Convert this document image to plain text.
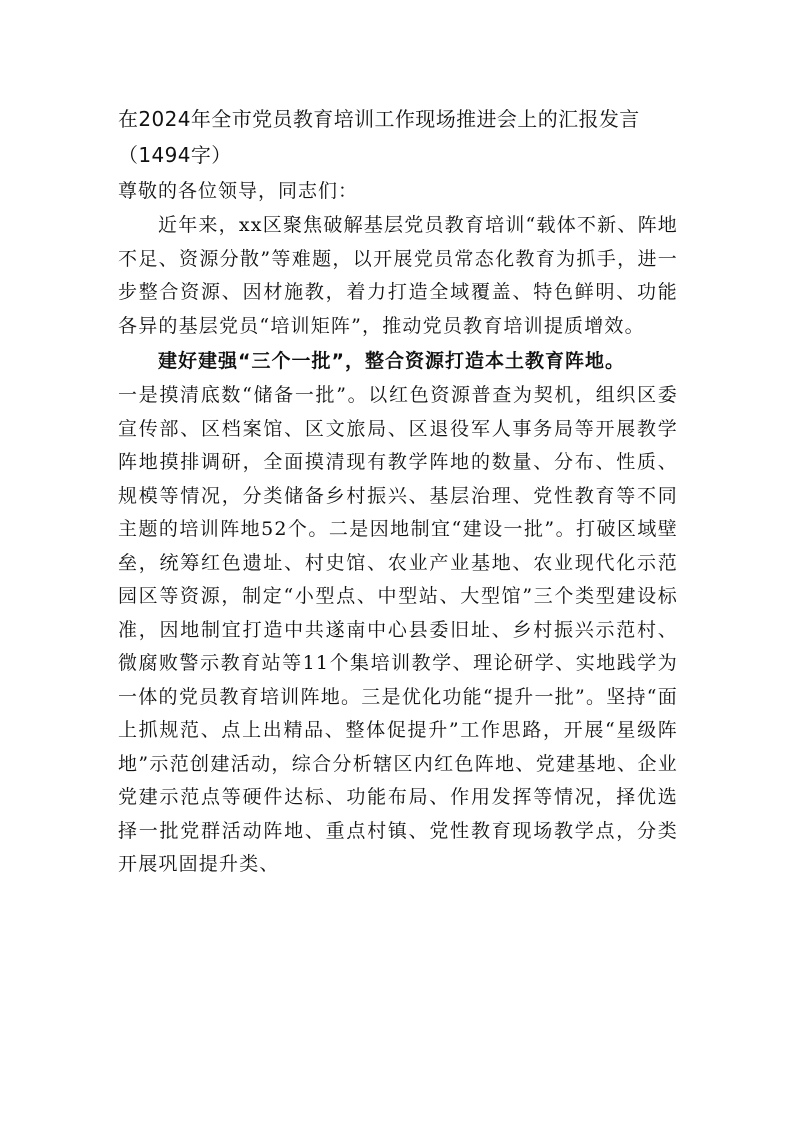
在2024年全市党员教育培训工作现场推进会上的汇报发言（1494字）

尊敬的各位领导，同志们：

近年来，xx区聚焦破解基层党员教育培训“载体不新、阵地不足、资源分散”等难题，以开展党员常态化教育为抓手，进一步整合资源、因材施教，着力打造全域覆盖、特色鲜明、功能各异的基层党员“培训矩阵”，推动党员教育培训提质增效。

建好建强“三个一批”，整合资源打造本土教育阵地。

一是摸清底数“储备一批”。以红色资源普查为契机，组织区委宣传部、区档案馆、区文旅局、区退役军人事务局等开展教学阵地摸排调研，全面摸清现有教学阵地的数量、分布、性质、规模等情况，分类储备乡村振兴、基层治理、党性教育等不同主题的培训阵地52个。二是因地制宜“建设一批”。打破区域壁垒，统筹红色遗址、村史馆、农业产业基地、农业现代化示范园区等资源，制定“小型点、中型站、大型馆”三个类型建设标准，因地制宜打造中共遂南中心县委旧址、乡村振兴示范村、微腐败警示教育站等11个集培训教学、理论研学、实地践学为一体的党员教育培训阵地。三是优化功能“提升一批”。坚持“面上抓规范、点上出精品、整体促提升”工作思路，开展“星级阵地”示范创建活动，综合分析辖区内红色阵地、党建基地、企业党建示范点等硬件达标、功能布局、作用发挥等情况，择优选择一批党群活动阵地、重点村镇、党性教育现场教学点，分类开展巩固提升类、
